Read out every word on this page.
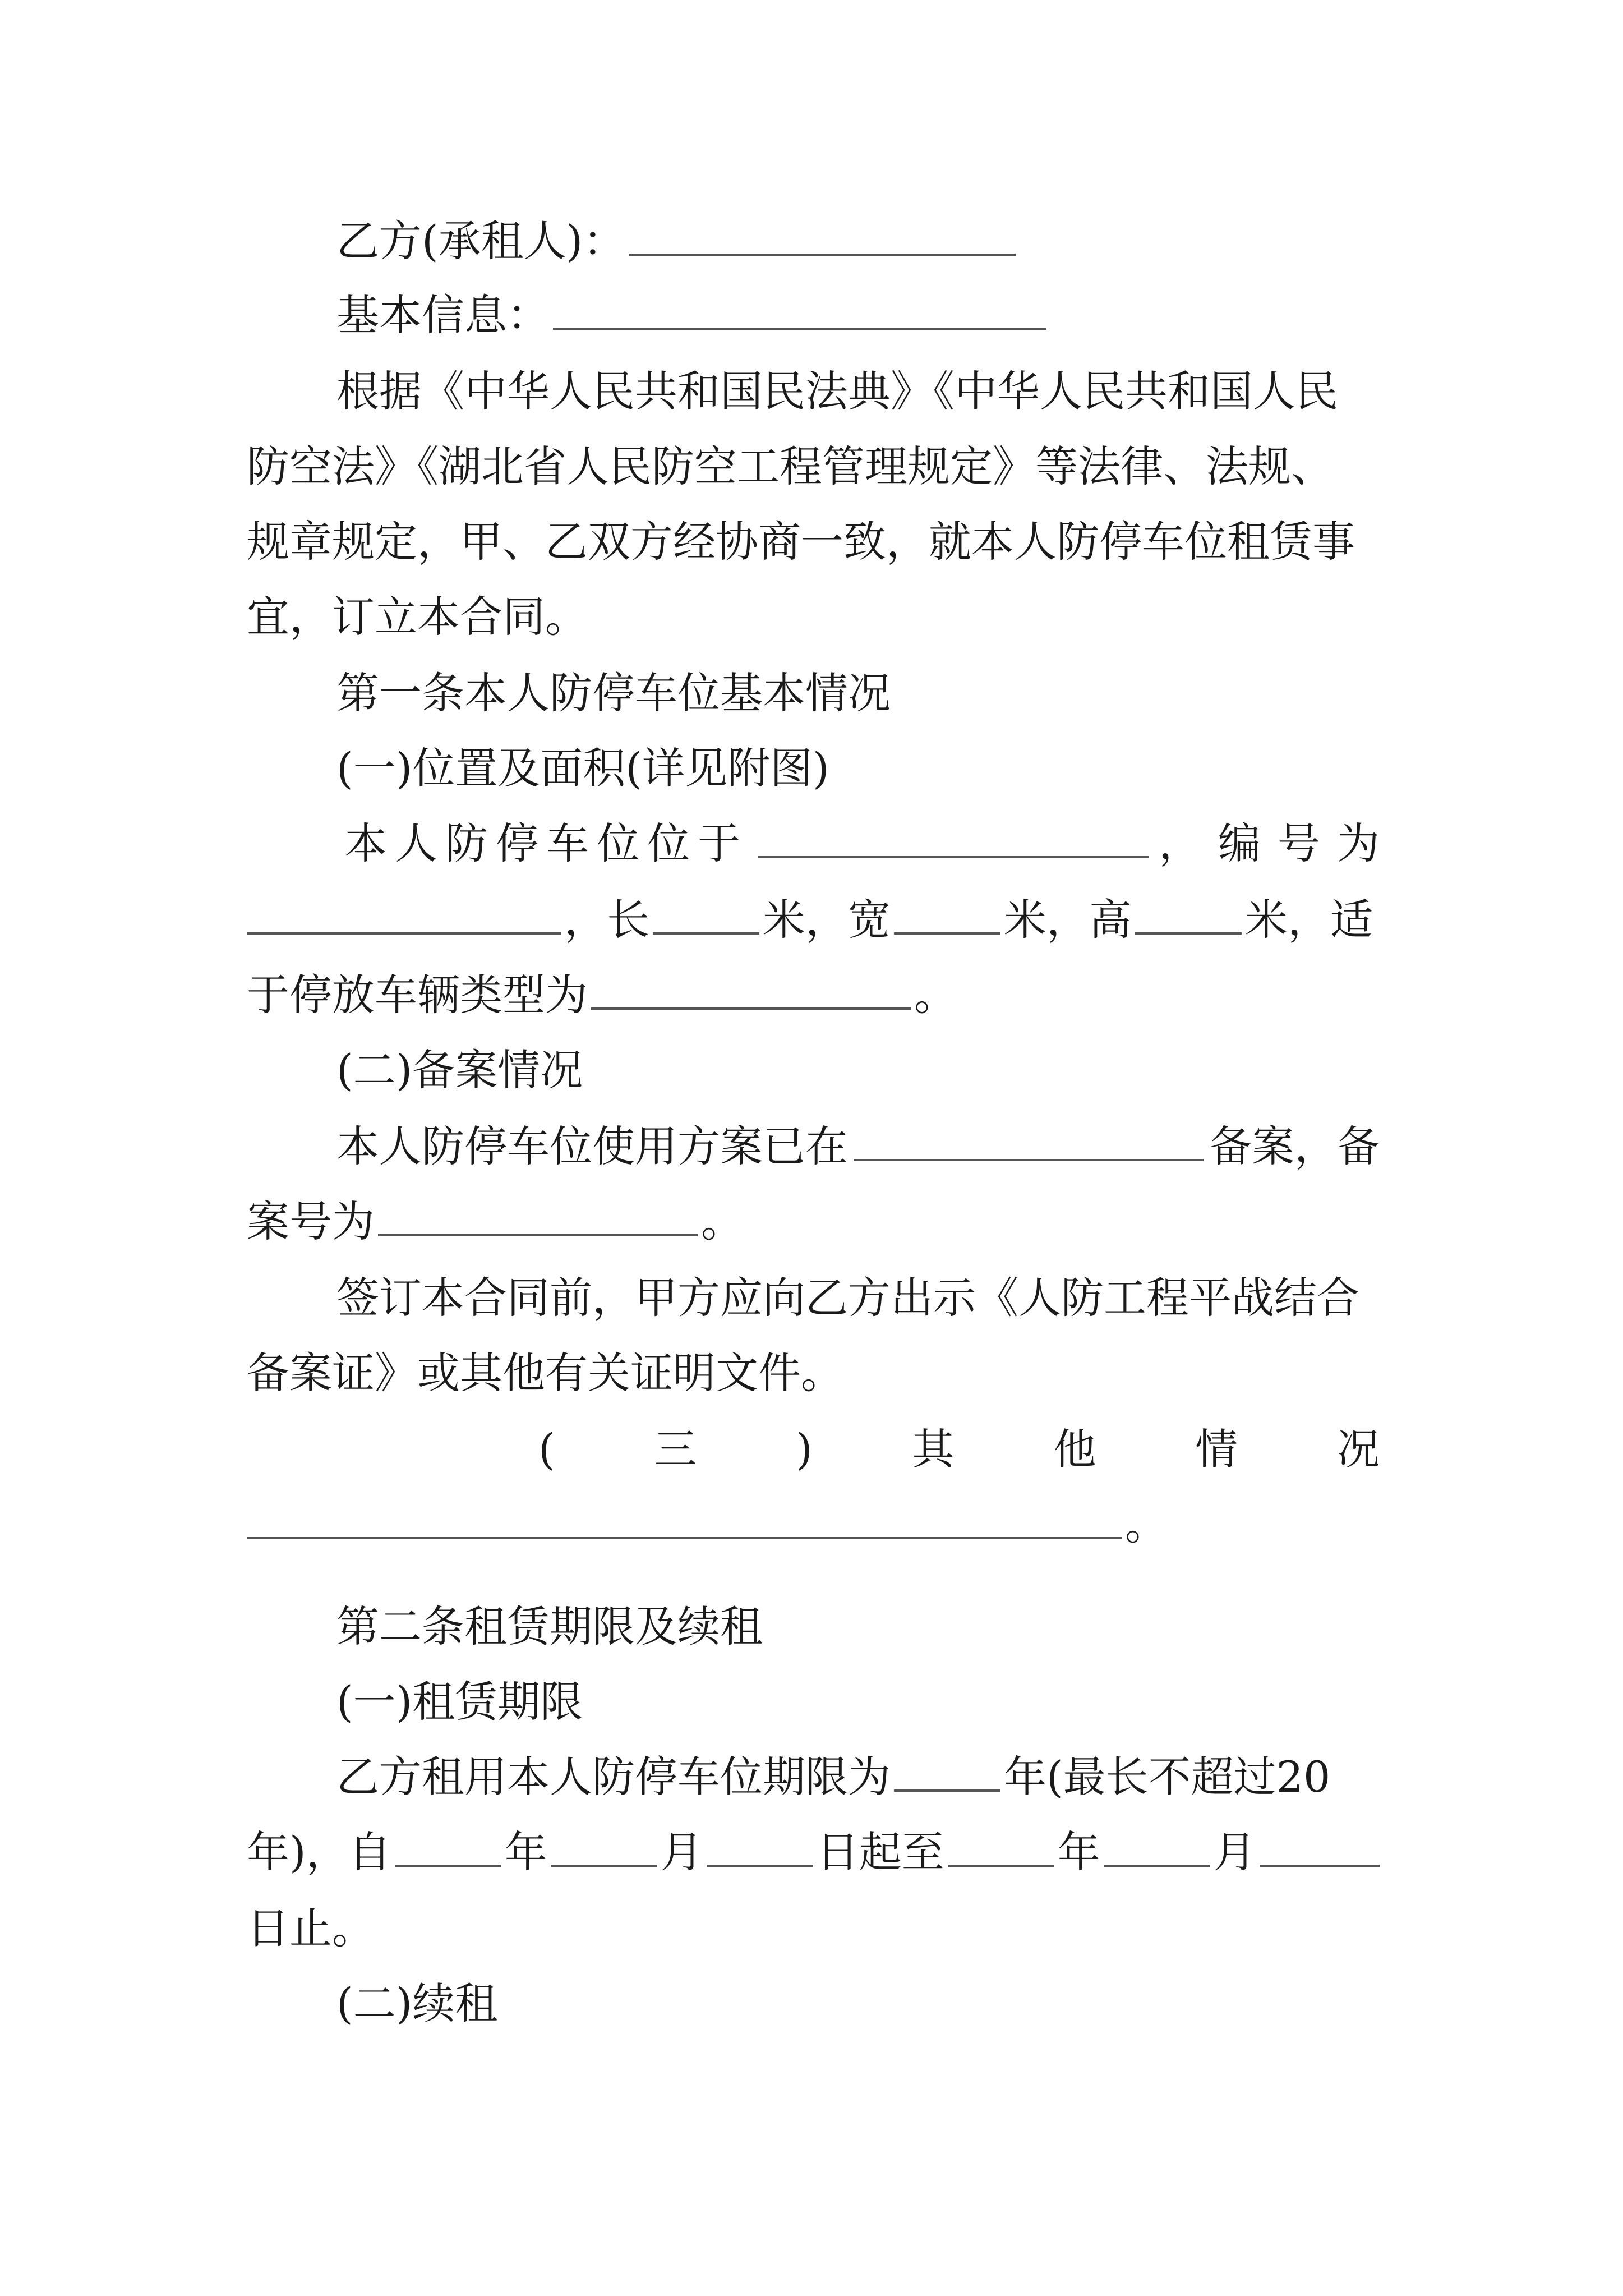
乙方(承租人)：
基本信息：
根据《中华人民共和国民法典》《中华人民共和国人民
防空法》《湖北省人民防空工程管理规定》等法律、法规、
规章规定，甲、乙双方经协商一致，就本人防停车位租赁事
宜，订立本合同。
第一条本人防停车位基本情况
(一)位置及面积(详见附图)
本人防停车位位于	，编号为
，长	米，宽	米，高	米，适
于停放车辆类型为	。
(二)备案情况
本人防停车位使用方案已在	备案，备
案号为	。
签订本合同前，甲方应向乙方出示《人防工程平战结合
备案证》或其他有关证明文件。
( 三 ) 其 他 情 况
。
第二条租赁期限及续租
(一)租赁期限
乙方租用本人防停车位期限为	年(最长不超过20
年)，自	年	月	日起至	年	月
日止。
(二)续租
